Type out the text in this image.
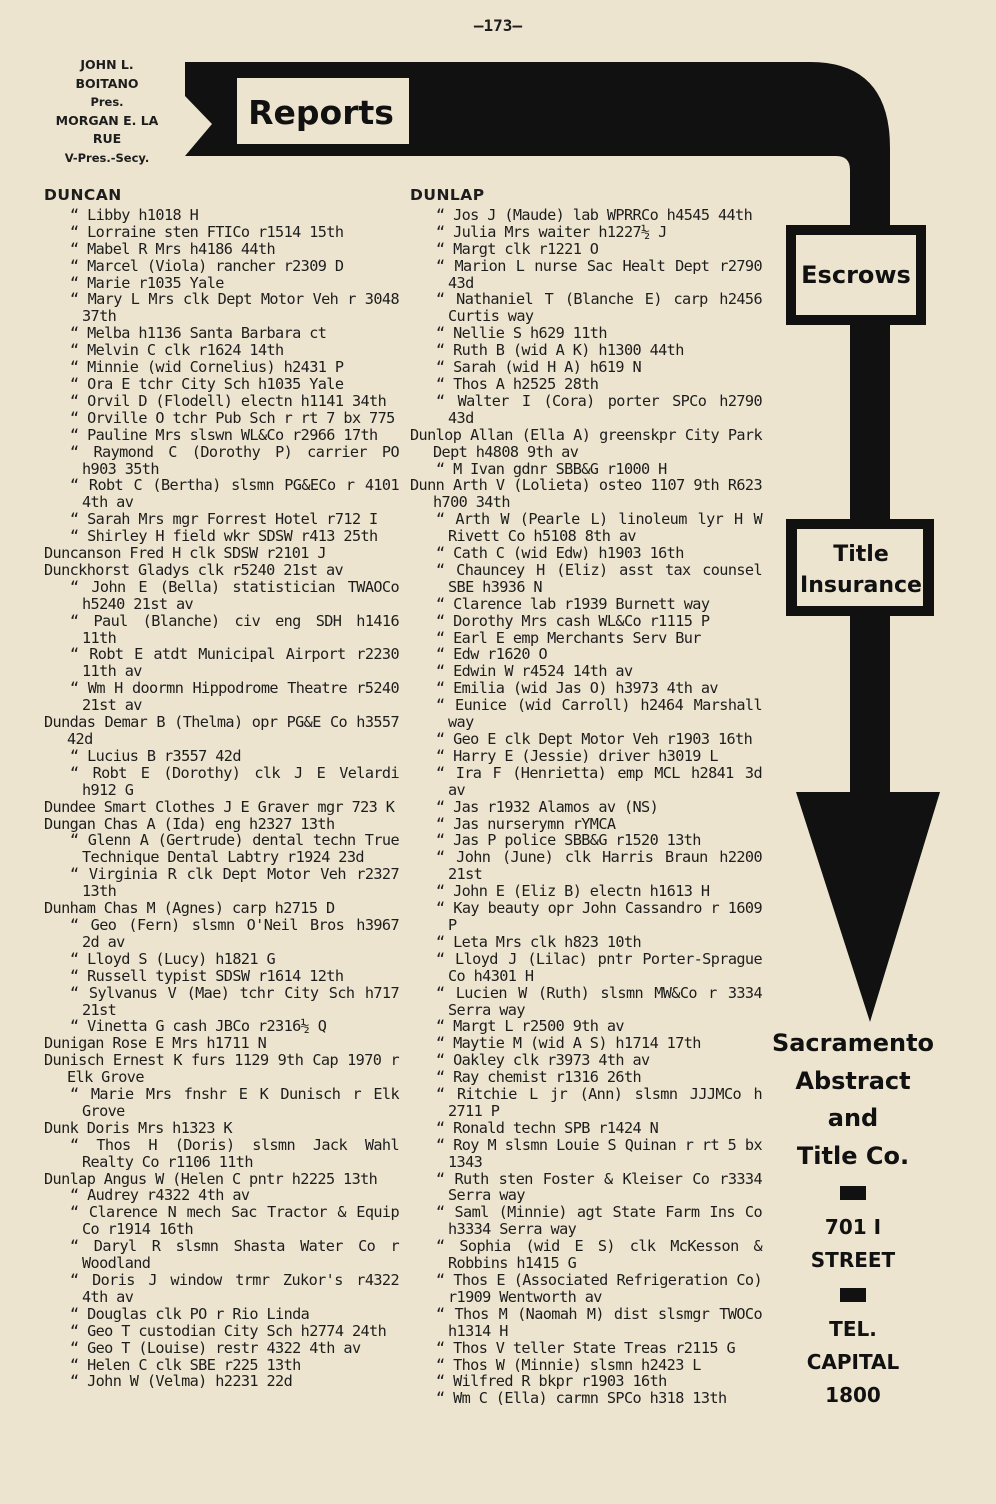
—173—
JOHN L. BOITANO
Pres.
MORGAN E. LA RUE
V-Pres.-Secy.
Reports
Escrows
Title
Insurance
Sacramento
Abstract
and
Title Co.
701 I
STREET
TEL.
CAPITAL
1800
DUNCAN
“ Libby h1018 H
“ Lorraine sten FTICo r1514 15th
“ Mabel R Mrs h4186 44th
“ Marcel (Viola) rancher r2309 D
“ Marie r1035 Yale
“ Mary L Mrs clk Dept Motor Veh r 3048 37th
“ Melba h1136 Santa Barbara ct
“ Melvin C clk r1624 14th
“ Minnie (wid Cornelius) h2431 P
“ Ora E tchr City Sch h1035 Yale
“ Orvil D (Flodell) electn h1141 34th
“ Orville O tchr Pub Sch r rt 7 bx 775
“ Pauline Mrs slswn WL&Co r2966 17th
“ Raymond C (Dorothy P) carrier PO h903 35th
“ Robt C (Bertha) slsmn PG&ECo r 4101 4th av
“ Sarah Mrs mgr Forrest Hotel r712 I
“ Shirley H field wkr SDSW r413 25th
Duncanson Fred H clk SDSW r2101 J
Dunckhorst Gladys clk r5240 21st av
“ John E (Bella) statistician TWAOCo h5240 21st av
“ Paul (Blanche) civ eng SDH h1416 11th
“ Robt E atdt Municipal Airport r2230 11th av
“ Wm H doormn Hippodrome Theatre r5240 21st av
Dundas Demar B (Thelma) opr PG&E Co h3557 42d
“ Lucius B r3557 42d
“ Robt E (Dorothy) clk J E Velardi h912 G
Dundee Smart Clothes J E Graver mgr 723 K
Dungan Chas A (Ida) eng h2327 13th
“ Glenn A (Gertrude) dental techn True Technique Dental Labtry r1924 23d
“ Virginia R clk Dept Motor Veh r2327 13th
Dunham Chas M (Agnes) carp h2715 D
“ Geo (Fern) slsmn O'Neil Bros h3967 2d av
“ Lloyd S (Lucy) h1821 G
“ Russell typist SDSW r1614 12th
“ Sylvanus V (Mae) tchr City Sch h717 21st
“ Vinetta G cash JBCo r2316½ Q
Dunigan Rose E Mrs h1711 N
Dunisch Ernest K furs 1129 9th Cap 1970 r Elk Grove
“ Marie Mrs fnshr E K Dunisch r Elk Grove
Dunk Doris Mrs h1323 K
“ Thos H (Doris) slsmn Jack Wahl Realty Co r1106 11th
Dunlap Angus W (Helen C pntr h2225 13th
“ Audrey r4322 4th av
“ Clarence N mech Sac Tractor & Equip Co r1914 16th
“ Daryl R slsmn Shasta Water Co r Woodland
“ Doris J window trmr Zukor's r4322 4th av
“ Douglas clk PO r Rio Linda
“ Geo T custodian City Sch h2774 24th
“ Geo T (Louise) restr 4322 4th av
“ Helen C clk SBE r225 13th
“ John W (Velma) h2231 22d
DUNLAP
“ Jos J (Maude) lab WPRRCo h4545 44th
“ Julia Mrs waiter h1227½ J
“ Margt clk r1221 O
“ Marion L nurse Sac Healt Dept r2790 43d
“ Nathaniel T (Blanche E) carp h2456 Curtis way
“ Nellie S h629 11th
“ Ruth B (wid A K) h1300 44th
“ Sarah (wid H A) h619 N
“ Thos A h2525 28th
“ Walter I (Cora) porter SPCo h2790 43d
Dunlop Allan (Ella A) greenskpr City Park Dept h4808 9th av
“ M Ivan gdnr SBB&G r1000 H
Dunn Arth V (Lolieta) osteo 1107 9th R623 h700 34th
“ Arth W (Pearle L) linoleum lyr H W Rivett Co h5108 8th av
“ Cath C (wid Edw) h1903 16th
“ Chauncey H (Eliz) asst tax counsel SBE h3936 N
“ Clarence lab r1939 Burnett way
“ Dorothy Mrs cash WL&Co r1115 P
“ Earl E emp Merchants Serv Bur
“ Edw r1620 O
“ Edwin W r4524 14th av
“ Emilia (wid Jas O) h3973 4th av
“ Eunice (wid Carroll) h2464 Marshall way
“ Geo E clk Dept Motor Veh r1903 16th
“ Harry E (Jessie) driver h3019 L
“ Ira F (Henrietta) emp MCL h2841 3d av
“ Jas r1932 Alamos av (NS)
“ Jas nurserymn rYMCA
“ Jas P police SBB&G r1520 13th
“ John (June) clk Harris Braun h2200 21st
“ John E (Eliz B) electn h1613 H
“ Kay beauty opr John Cassandro r 1609 P
“ Leta Mrs clk h823 10th
“ Lloyd J (Lilac) pntr Porter-Sprague Co h4301 H
“ Lucien W (Ruth) slsmn MW&Co r 3334 Serra way
“ Margt L r2500 9th av
“ Maytie M (wid A S) h1714 17th
“ Oakley clk r3973 4th av
“ Ray chemist r1316 26th
“ Ritchie L jr (Ann) slsmn JJJMCo h 2711 P
“ Ronald techn SPB r1424 N
“ Roy M slsmn Louie S Quinan r rt 5 bx 1343
“ Ruth sten Foster & Kleiser Co r3334 Serra way
“ Saml (Minnie) agt State Farm Ins Co h3334 Serra way
“ Sophia (wid E S) clk McKesson & Robbins h1415 G
“ Thos E (Associated Refrigeration Co) r1909 Wentworth av
“ Thos M (Naomah M) dist slsmgr TWOCo h1314 H
“ Thos V teller State Treas r2115 G
“ Thos W (Minnie) slsmn h2423 L
“ Wilfred R bkpr r1903 16th
“ Wm C (Ella) carmn SPCo h318 13th
